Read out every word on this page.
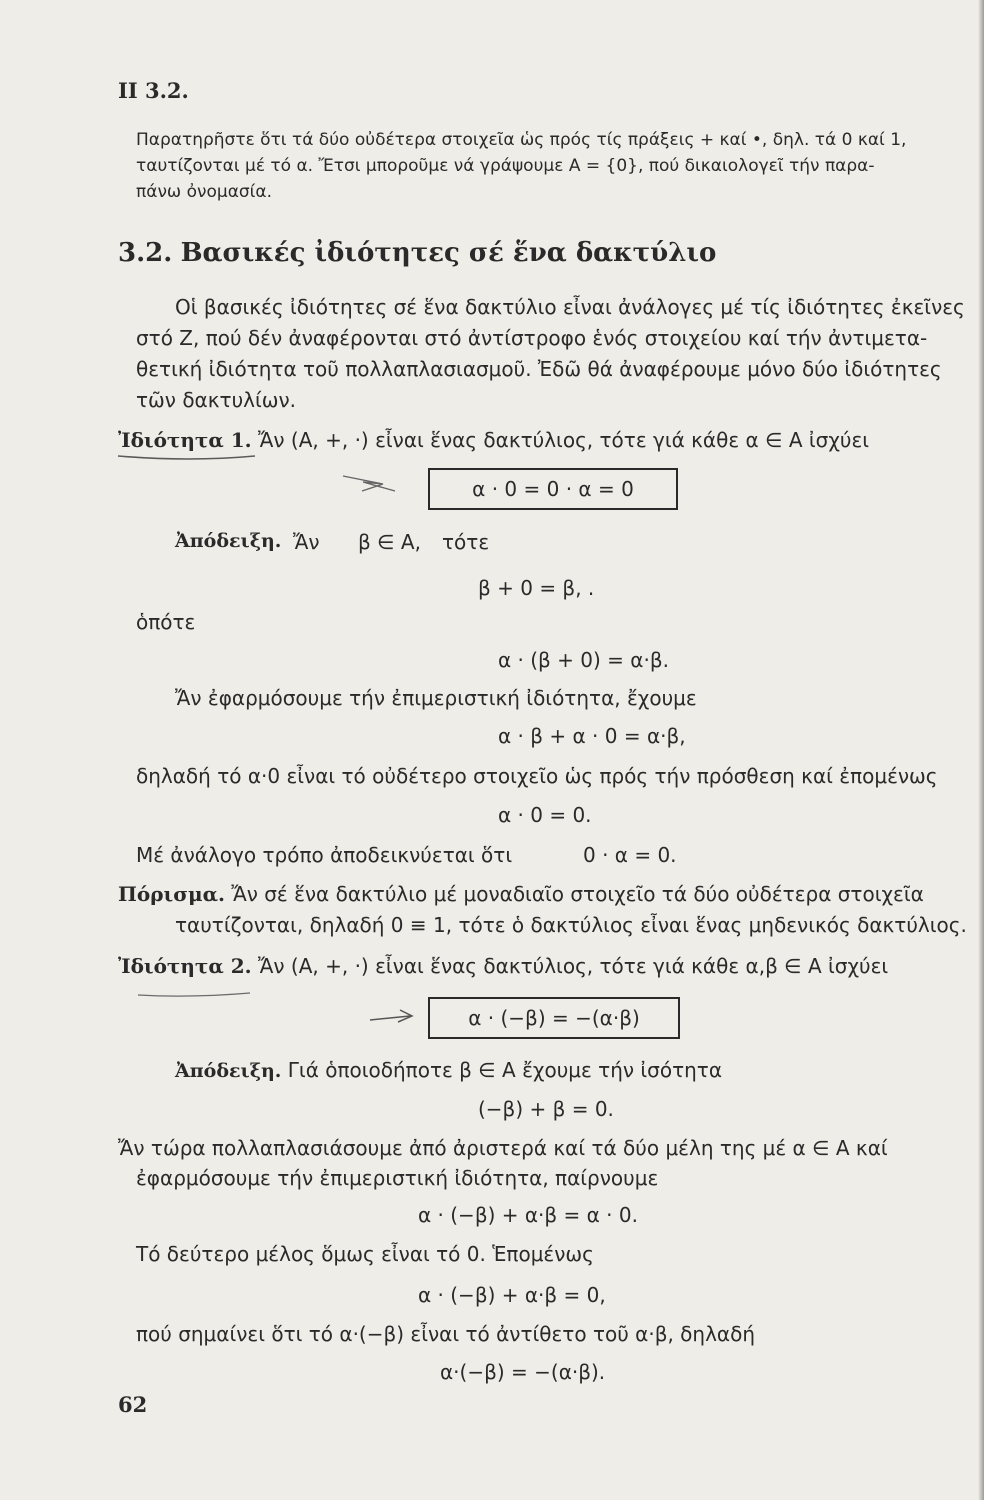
II 3.2.
Παρατηρῆστε ὅτι τά δύο οὐδέτερα στοιχεῖα ὡς πρός τίς πράξεις + καί •, δηλ. τά 0 καί 1,
ταυτίζονται μέ τό α. Ἔτσι μποροῦμε νά γράψουμε Α = {0}, πού δικαιολογεῖ τήν παρα-
πάνω ὀνομασία.
3.2. Βασικές ἰδιότητες σέ ἕνα δακτύλιο
Οἱ βασικές ἰδιότητες σέ ἕνα δακτύλιο εἶναι ἀνάλογες μέ τίς ἰδιότητες ἐκεῖνες
στό Z, πού δέν ἀναφέρονται στό ἀντίστροφο ἑνός στοιχείου καί τήν ἀντιμετα-
θετική ἰδιότητα τοῦ πολλαπλασιασμοῦ. Ἐδῶ θά ἀναφέρουμε μόνο δύο ἰδιότητες
τῶν δακτυλίων.
Ἰδιότητα 1. Ἄν (Α, +, ·) εἶναι ἕνας δακτύλιος, τότε γιά κάθε α ∈ Α ἰσχύει
α · 0 = 0 · α = 0
Ἀπόδειξη. Ἄν β ∈ Α, τότε
β + 0 = β, .
ὁπότε
α · (β + 0) = α·β.
Ἄν ἐφαρμόσουμε τήν ἐπιμεριστική ἰδιότητα, ἔχουμε
α · β + α · 0 = α·β,
δηλαδή τό α·0 εἶναι τό οὐδέτερο στοιχεῖο ὡς πρός τήν πρόσθεση καί ἐπομένως
α · 0 = 0.
Μέ ἀνάλογο τρόπο ἀποδεικνύεται ὅτι	0 · α = 0.
Πόρισμα. Ἄν σέ ἕνα δακτύλιο μέ μοναδιαῖο στοιχεῖο τά δύο οὐδέτερα στοιχεῖα
ταυτίζονται, δηλαδή 0 ≡ 1, τότε ὁ δακτύλιος εἶναι ἕνας μηδενικός δακτύλιος.
Ἰδιότητα 2. Ἄν (Α, +, ·) εἶναι ἕνας δακτύλιος, τότε γιά κάθε α,β ∈ Α ἰσχύει
α · (−β) = −(α·β)
Ἀπόδειξη. Γιά ὁποιοδήποτε β ∈ Α ἔχουμε τήν ἰσότητα
(−β) + β = 0.
Ἄν τώρα πολλαπλασιάσουμε ἀπό ἀριστερά καί τά δύο μέλη της μέ α ∈ Α καί
ἐφαρμόσουμε τήν ἐπιμεριστική ἰδιότητα, παίρνουμε
α · (−β) + α·β = α · 0.
Τό δεύτερο μέλος ὅμως εἶναι τό 0. Ἑπομένως
α · (−β) + α·β = 0,
πού σημαίνει ὅτι τό α·(−β) εἶναι τό ἀντίθετο τοῦ α·β, δηλαδή
α·(−β) = −(α·β).
62
